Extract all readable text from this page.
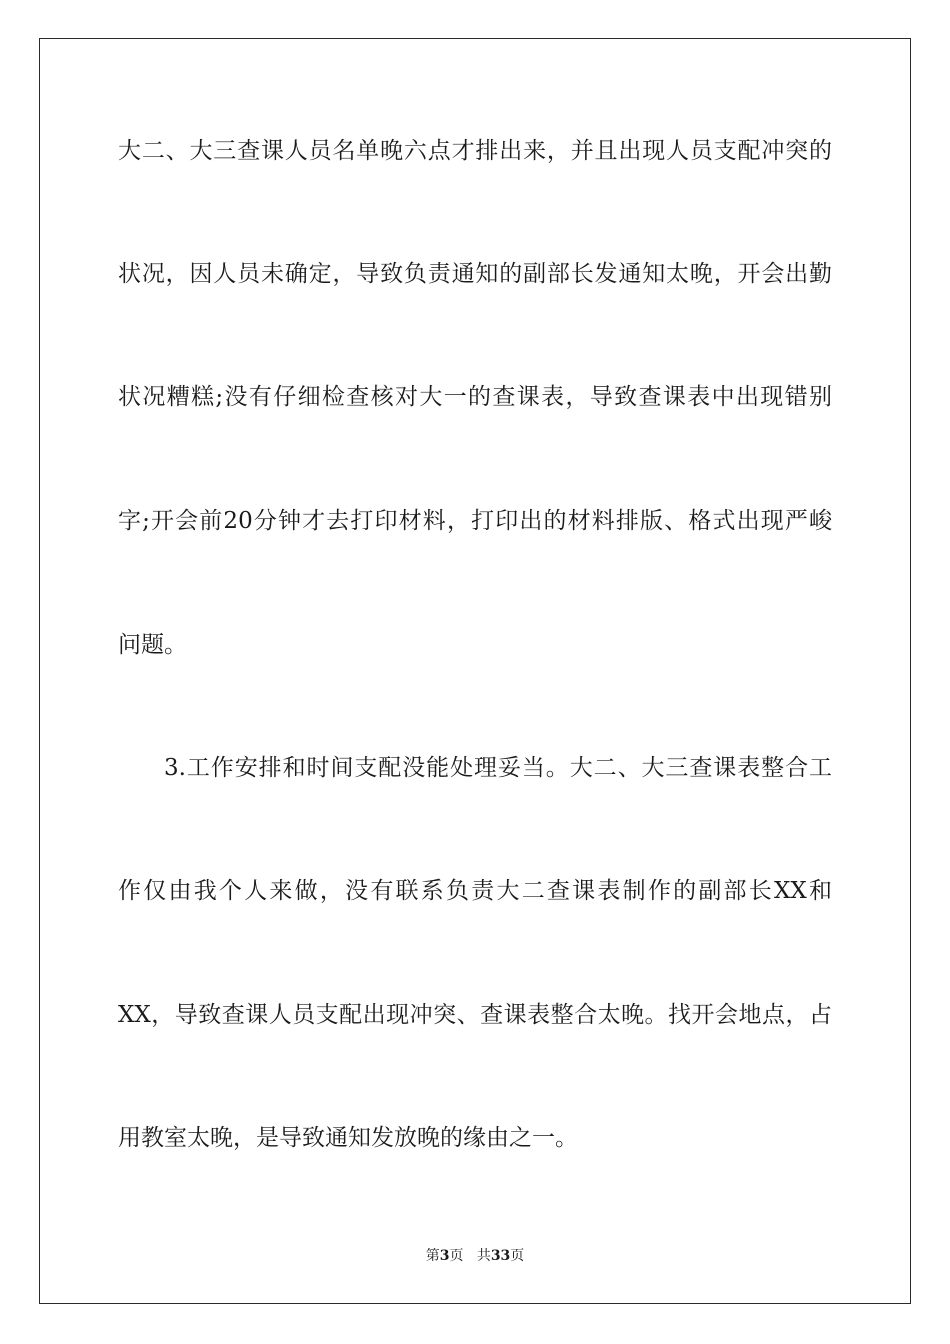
大二、大三查课人员名单晚六点才排出来，并且出现人员支配冲突的
状况，因人员未确定，导致负责通知的副部长发通知太晚，开会出勤
状况糟糕;没有仔细检查核对大一的查课表，导致查课表中出现错别
字;开会前20分钟才去打印材料，打印出的材料排版、格式出现严峻
问题。
3.工作安排和时间支配没能处理妥当。大二、大三查课表整合工
作仅由我个人来做，没有联系负责大二查课表制作的副部长XX和
XX，导致查课人员支配出现冲突、查课表整合太晚。找开会地点，占
用教室太晚，是导致通知发放晚的缘由之一。
第3页 共33页
